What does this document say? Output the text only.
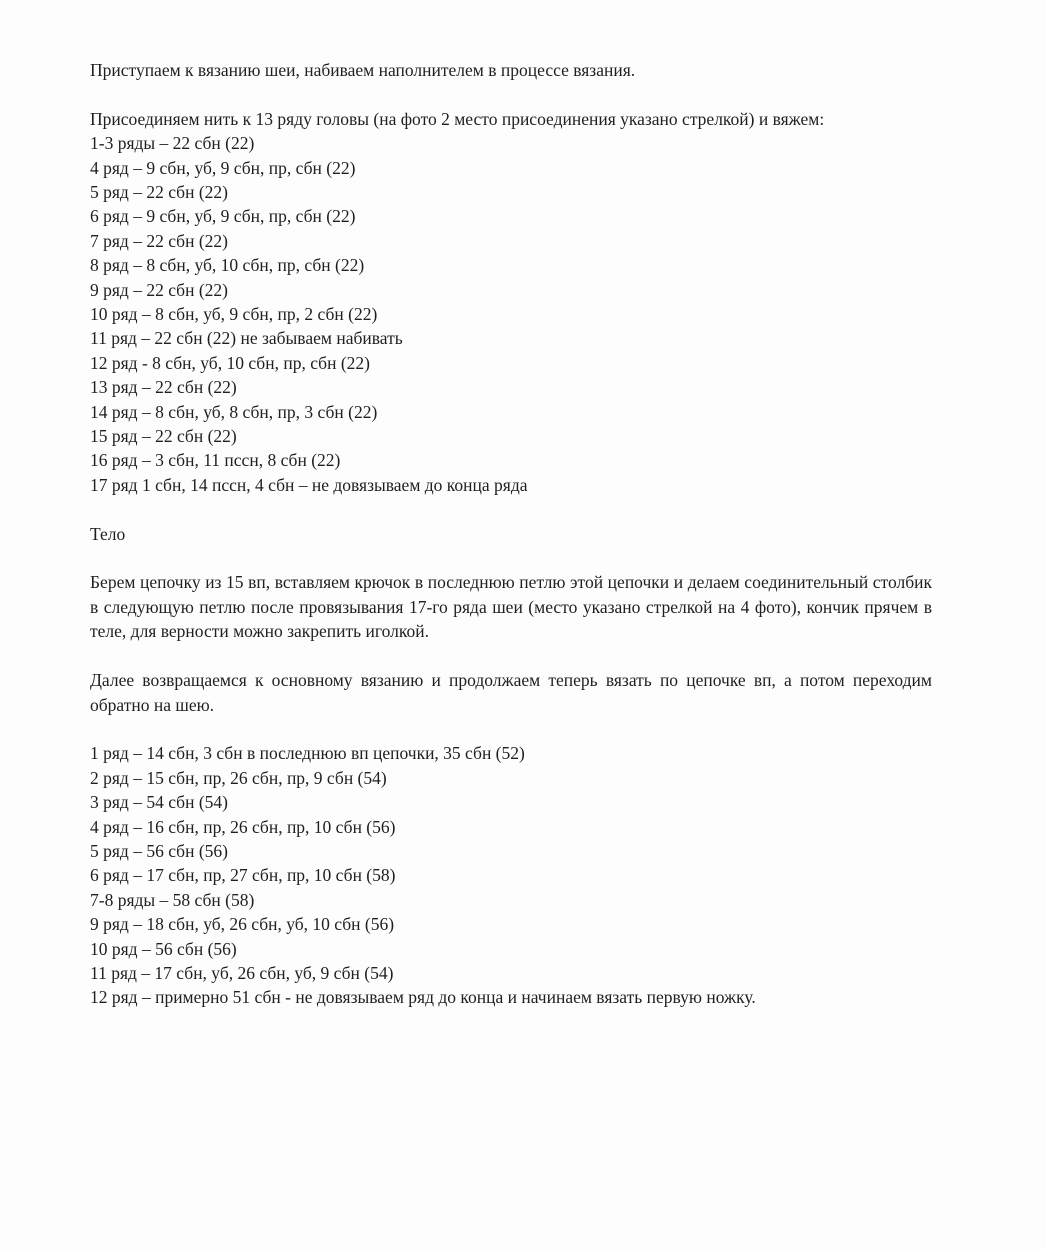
Приступаем к вязанию шеи, набиваем наполнителем в процессе вязания.

Присоединяем нить к 13 ряду головы (на фото 2 место присоединения указано стрелкой) и вяжем:

1-3 ряды – 22 сбн (22)

4 ряд – 9 сбн, уб, 9 сбн, пр, сбн (22)

5 ряд – 22 сбн (22)

6 ряд – 9 сбн, уб, 9 сбн, пр, сбн (22)

7 ряд – 22 сбн (22)

8 ряд – 8 сбн, уб, 10 сбн, пр, сбн (22)

9 ряд – 22 сбн (22)

10 ряд – 8 сбн, уб, 9 сбн, пр, 2 сбн (22)

11 ряд – 22 сбн (22) не забываем набивать

12 ряд - 8 сбн, уб, 10 сбн, пр, сбн (22)

13 ряд – 22 сбн (22)

14 ряд – 8 сбн, уб, 8 сбн, пр, 3 сбн (22)

15 ряд – 22 сбн (22)

16 ряд – 3 сбн, 11 пссн, 8 сбн (22)

17 ряд 1 сбн, 14 пссн, 4 сбн – не довязываем до конца ряда

Тело

Берем цепочку из 15 вп, вставляем крючок в последнюю петлю этой цепочки и делаем соединительный столбик в следующую петлю после провязывания 17-го ряда шеи (место указано стрелкой на 4 фото), кончик прячем в теле, для верности можно закрепить иголкой.

Далее возвращаемся к основному вязанию и продолжаем теперь вязать по цепочке вп, а потом переходим обратно на шею.

1 ряд – 14 сбн, 3 сбн в последнюю вп цепочки, 35 сбн (52)

2 ряд – 15 сбн, пр, 26 сбн, пр, 9 сбн (54)

3 ряд – 54 сбн (54)

4 ряд – 16 сбн, пр, 26 сбн, пр, 10 сбн (56)

5 ряд – 56 сбн (56)

6 ряд – 17 сбн, пр, 27 сбн, пр, 10 сбн (58)

7-8 ряды – 58 сбн (58)

9 ряд – 18 сбн, уб, 26 сбн, уб, 10 сбн (56)

10 ряд – 56 сбн (56)

11 ряд – 17 сбн, уб, 26 сбн, уб, 9 сбн (54)

12 ряд – примерно 51 сбн - не довязываем ряд до конца и начинаем вязать первую ножку.
